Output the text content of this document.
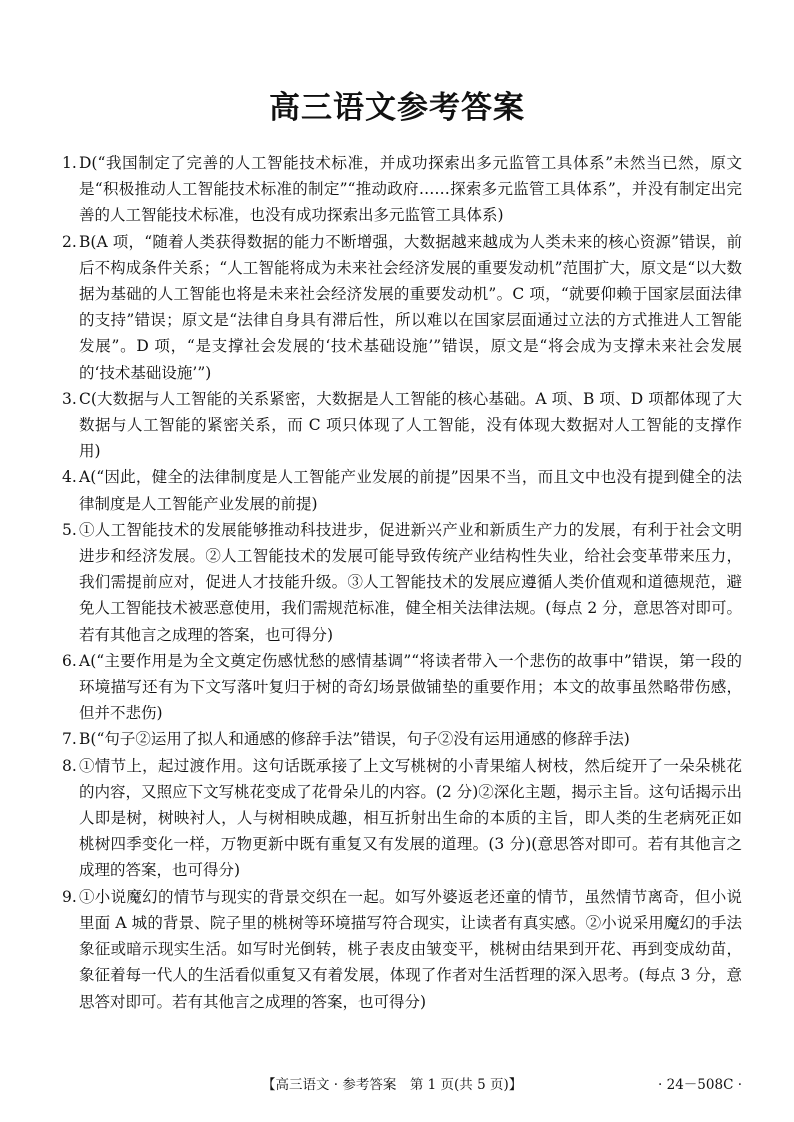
高三语文参考答案

1. D(“我国制定了完善的人工智能技术标准，并成功探索出多元监管工具体系”未然当已然，原文是“积极推动人工智能技术标准的制定”“推动政府……探索多元监管工具体系”，并没有制定出完善的人工智能技术标准，也没有成功探索出多元监管工具体系)

2. B(A 项，“随着人类获得数据的能力不断增强，大数据越来越成为人类未来的核心资源”错误，前后不构成条件关系；“人工智能将成为未来社会经济发展的重要发动机”范围扩大，原文是“以大数据为基础的人工智能也将是未来社会经济发展的重要发动机”。C 项，“就要仰赖于国家层面法律的支持”错误；原文是“法律自身具有滞后性，所以难以在国家层面通过立法的方式推进人工智能发展”。D 项，“是支撑社会发展的‘技术基础设施’”错误，原文是“将会成为支撑未来社会发展的‘技术基础设施’”)

3. C(大数据与人工智能的关系紧密，大数据是人工智能的核心基础。A 项、B 项、D 项都体现了大数据与人工智能的紧密关系，而 C 项只体现了人工智能，没有体现大数据对人工智能的支撑作用)

4. A(“因此，健全的法律制度是人工智能产业发展的前提”因果不当，而且文中也没有提到健全的法律制度是人工智能产业发展的前提)

5. ①人工智能技术的发展能够推动科技进步，促进新兴产业和新质生产力的发展，有利于社会文明进步和经济发展。②人工智能技术的发展可能导致传统产业结构性失业，给社会变革带来压力，我们需提前应对，促进人才技能升级。③人工智能技术的发展应遵循人类价值观和道德规范，避免人工智能技术被恶意使用，我们需规范标准，健全相关法律法规。(每点 2 分，意思答对即可。若有其他言之成理的答案，也可得分)

6. A(“主要作用是为全文奠定伤感忧愁的感情基调”“将读者带入一个悲伤的故事中”错误，第一段的环境描写还有为下文写落叶复归于树的奇幻场景做铺垫的重要作用；本文的故事虽然略带伤感，但并不悲伤)

7. B(“句子②运用了拟人和通感的修辞手法”错误，句子②没有运用通感的修辞手法)

8. ①情节上，起过渡作用。这句话既承接了上文写桃树的小青果缩人树枝，然后绽开了一朵朵桃花的内容，又照应下文写桃花变成了花骨朵儿的内容。(2 分)②深化主题，揭示主旨。这句话揭示出人即是树，树映衬人，人与树相映成趣，相互折射出生命的本质的主旨，即人类的生老病死正如桃树四季变化一样，万物更新中既有重复又有发展的道理。(3 分)(意思答对即可。若有其他言之成理的答案，也可得分)

9. ①小说魔幻的情节与现实的背景交织在一起。如写外婆返老还童的情节，虽然情节离奇，但小说里面 A 城的背景、院子里的桃树等环境描写符合现实，让读者有真实感。②小说采用魔幻的手法象征或暗示现实生活。如写时光倒转，桃子表皮由皱变平，桃树由结果到开花、再到变成幼苗，象征着每一代人的生活看似重复又有着发展，体现了作者对生活哲理的深入思考。(每点 3 分，意思答对即可。若有其他言之成理的答案，也可得分)

【高三语文 · 参考答案　第 1 页(共 5 页)】	· 24－508C ·
